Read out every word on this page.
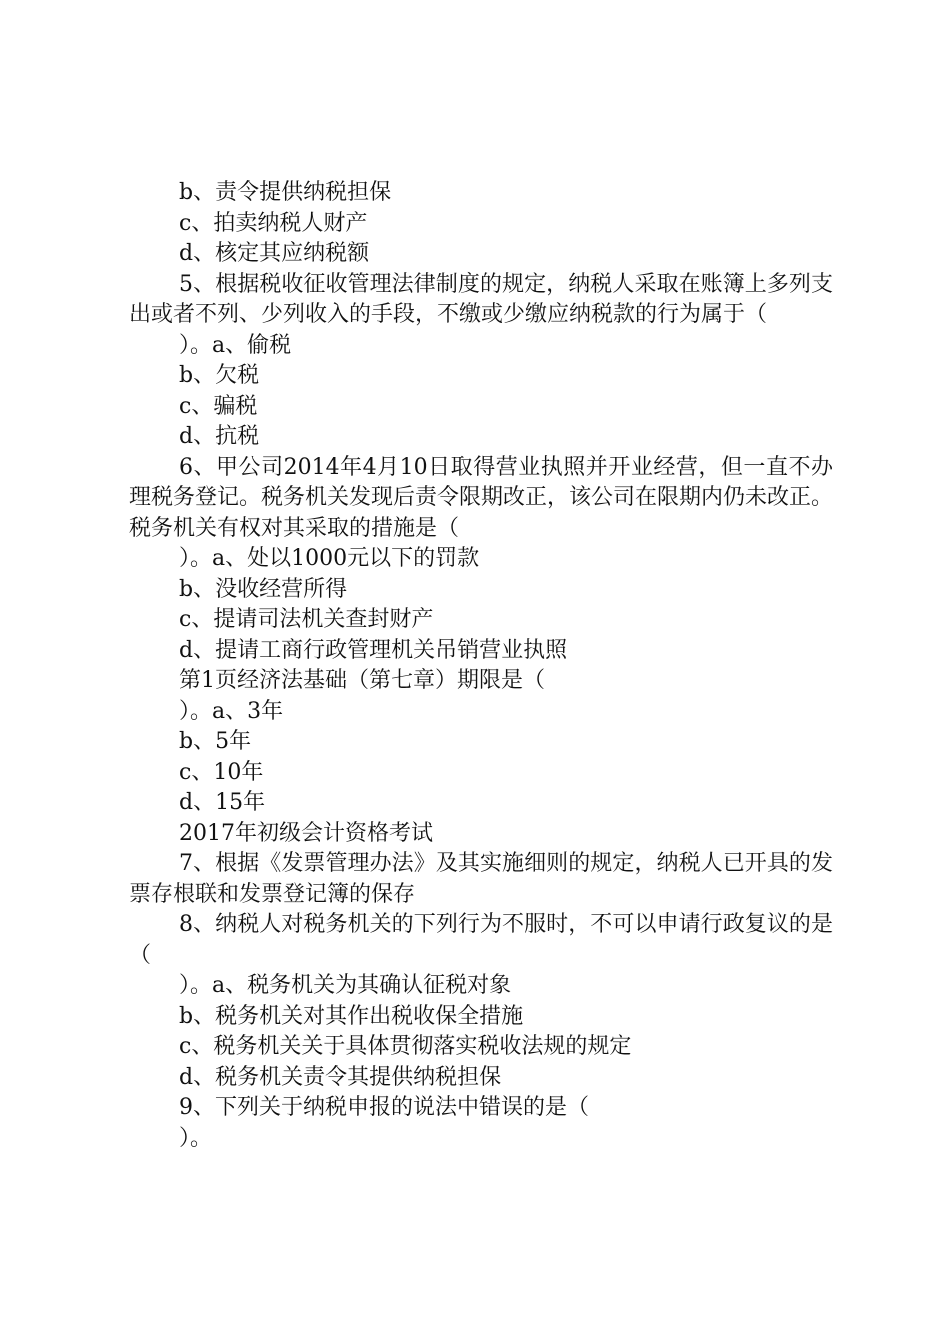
b、责令提供纳税担保

c、拍卖纳税人财产

d、核定其应纳税额

5、根据税收征收管理法律制度的规定，纳税人采取在账簿上多列支出或者不列、少列收入的手段，不缴或少缴应纳税款的行为属于（

）。a、偷税

b、欠税

c、骗税

d、抗税

6、甲公司2014年4月10日取得营业执照并开业经营，但一直不办理税务登记。税务机关发现后责令限期改正，该公司在限期内仍未改正。税务机关有权对其采取的措施是（

）。a、处以1000元以下的罚款

b、没收经营所得

c、提请司法机关查封财产

d、提请工商行政管理机关吊销营业执照

第1页经济法基础（第七章）期限是（

）。a、3年

b、5年

c、10年

d、15年

2017年初级会计资格考试

7、根据《发票管理办法》及其实施细则的规定，纳税人已开具的发票存根联和发票登记簿的保存

8、纳税人对税务机关的下列行为不服时，不可以申请行政复议的是（

）。a、税务机关为其确认征税对象

b、税务机关对其作出税收保全措施

c、税务机关关于具体贯彻落实税收法规的规定

d、税务机关责令其提供纳税担保

9、下列关于纳税申报的说法中错误的是（

）。
